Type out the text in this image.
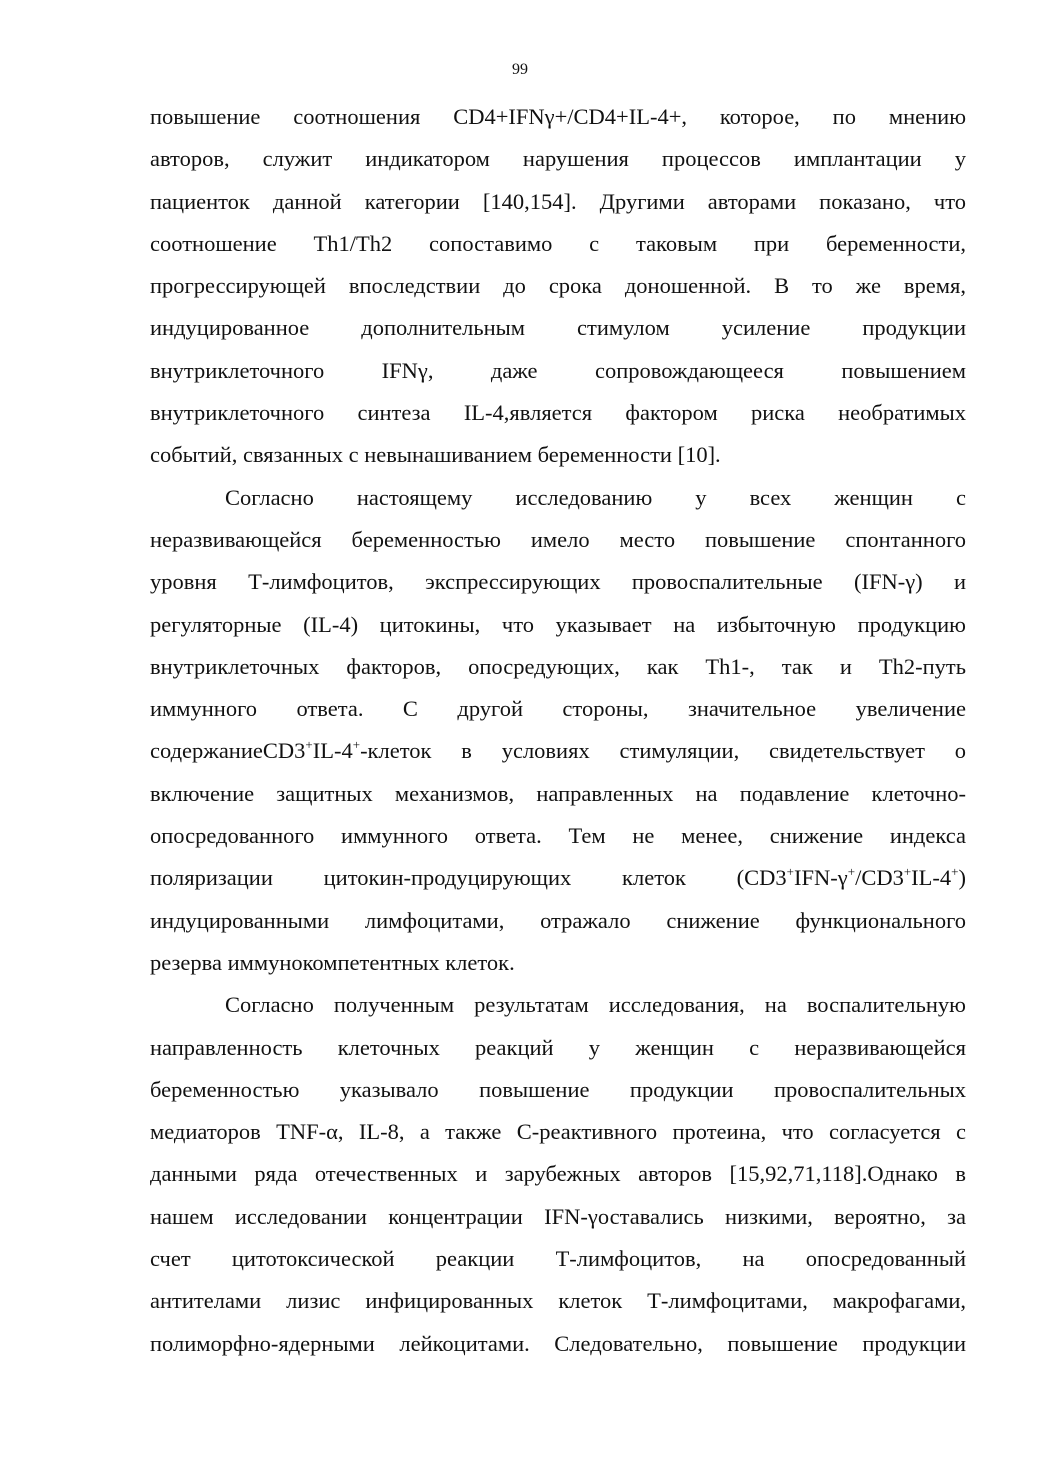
99
повышение соотношения CD4+IFNγ+/CD4+IL-4+, которое, по мнению
авторов, служит индикатором нарушения процессов имплантации у
пациенток данной категории [140,154]. Другими авторами показано, что
соотношение Th1/Th2 сопоставимо с таковым при беременности,
прогрессирующей впоследствии до срока доношенной. В то же время,
индуцированное дополнительным стимулом усиление продукции
внутриклеточного IFNγ, даже сопровождающееся повышением
внутриклеточного синтеза IL-4,является фактором риска необратимых
событий, связанных с невынашиванием беременности [10].
Согласно настоящему исследованию у всех женщин с
неразвивающейся беременностью имело место повышение спонтанного
уровня Т-лимфоцитов, экспрессирующих провоспалительные (IFN-γ) и
регуляторные (IL-4) цитокины, что указывает на избыточную продукцию
внутриклеточных факторов, опосредующих, как Th1-, так и Th2-путь
иммунного ответа. С другой стороны, значительное увеличение
содержаниеCD3+IL-4+-клеток в условиях стимуляции, свидетельствует о
включение защитных механизмов, направленных на подавление клеточно-
опосредованного иммунного ответа. Тем не менее, снижение индекса
поляризации цитокин-продуцирующих клеток (CD3+IFN-γ+/CD3+IL-4+)
индуцированными лимфоцитами, отражало снижение функционального
резерва иммунокомпетентных клеток.
Согласно полученным результатам исследования, на воспалительную
направленность клеточных реакций у женщин с неразвивающейся
беременностью указывало повышение продукции провоспалительных
медиаторов TNF-α, IL-8, а также С-реактивного протеина, что согласуется с
данными ряда отечественных и зарубежных авторов [15,92,71,118].Однако в
нашем исследовании концентрации IFN-γоставались низкими, вероятно, за
счет цитотоксической реакции Т-лимфоцитов, на опосредованный
антителами лизис инфицированных клеток Т-лимфоцитами, макрофагами,
полиморфно-ядерными лейкоцитами. Следовательно, повышение продукции
